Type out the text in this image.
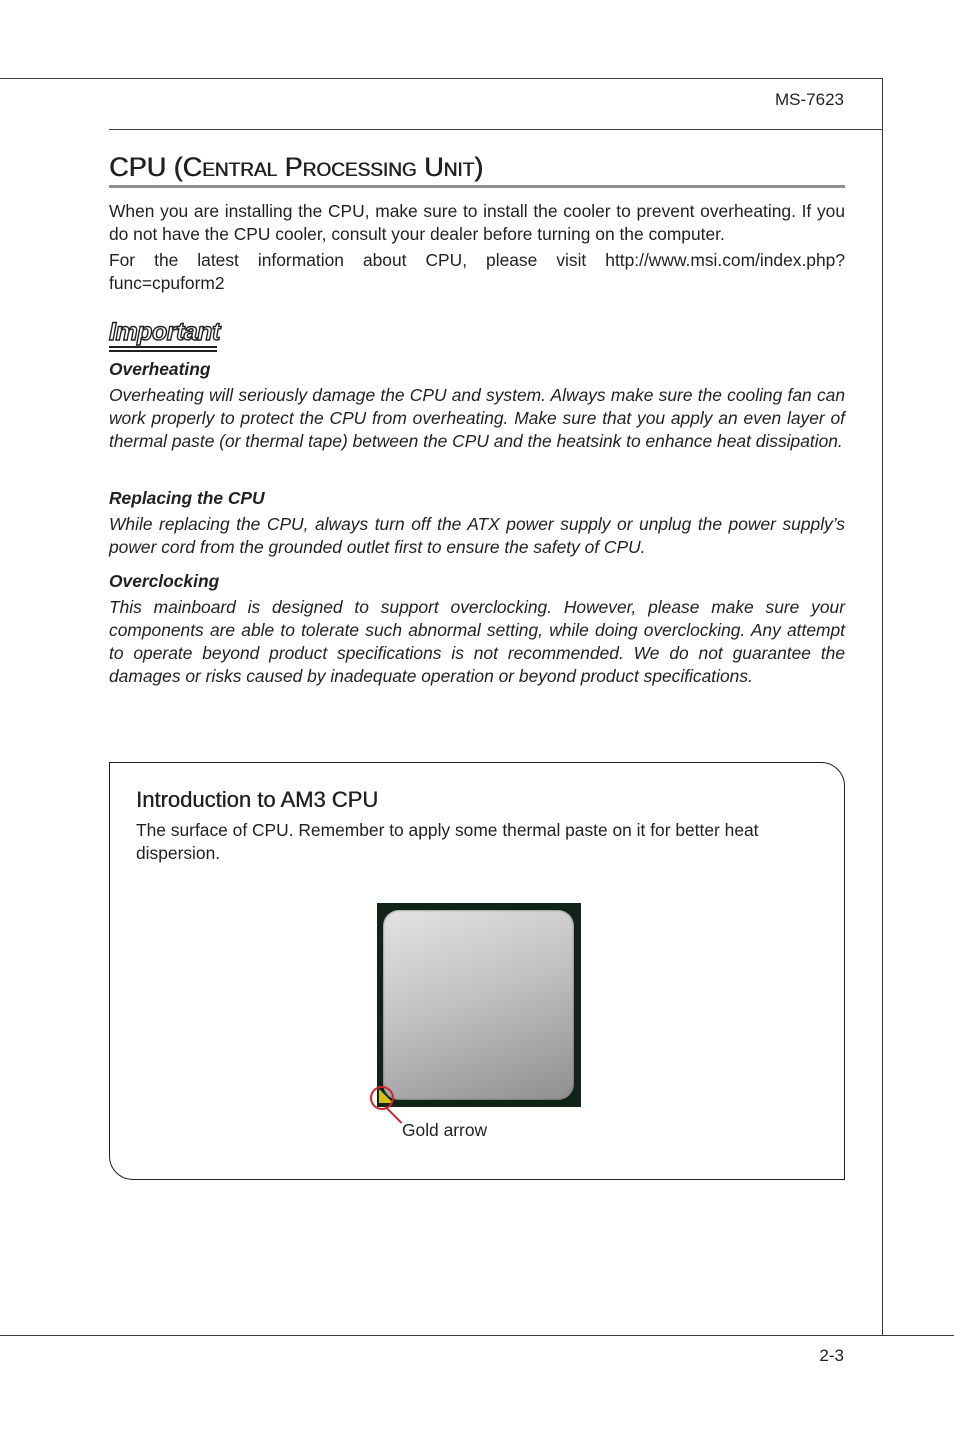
MS-7623
CPU (Central Processing Unit)
When you are installing the CPU, make sure to install the cooler to prevent overheating. If you do not have the CPU cooler, consult your dealer before turning on the computer.
For the latest information about CPU, please visit http://www.msi.com/index.php?func=cpuform2
Important
Overheating
Overheating will seriously damage the CPU and system. Always make sure the cooling fan can work properly to protect the CPU from overheating. Make sure that you apply an even layer of thermal paste (or thermal tape) between the CPU and the heatsink to enhance heat dissipation.
Replacing the CPU
While replacing the CPU, always turn off the ATX power supply or unplug the power supply’s power cord from the grounded outlet first to ensure the safety of CPU.
Overclocking
This mainboard is designed to support overclocking. However, please make sure your components are able to tolerate such abnormal setting, while doing overclocking. Any attempt to operate beyond product specifications is not recommended. We do not guarantee the damages or risks caused by inadequate operation or beyond product specifications.
Introduction to AM3 CPU
The surface of CPU. Remember to apply some thermal paste on it for better heat dispersion.
Gold arrow
2-3
